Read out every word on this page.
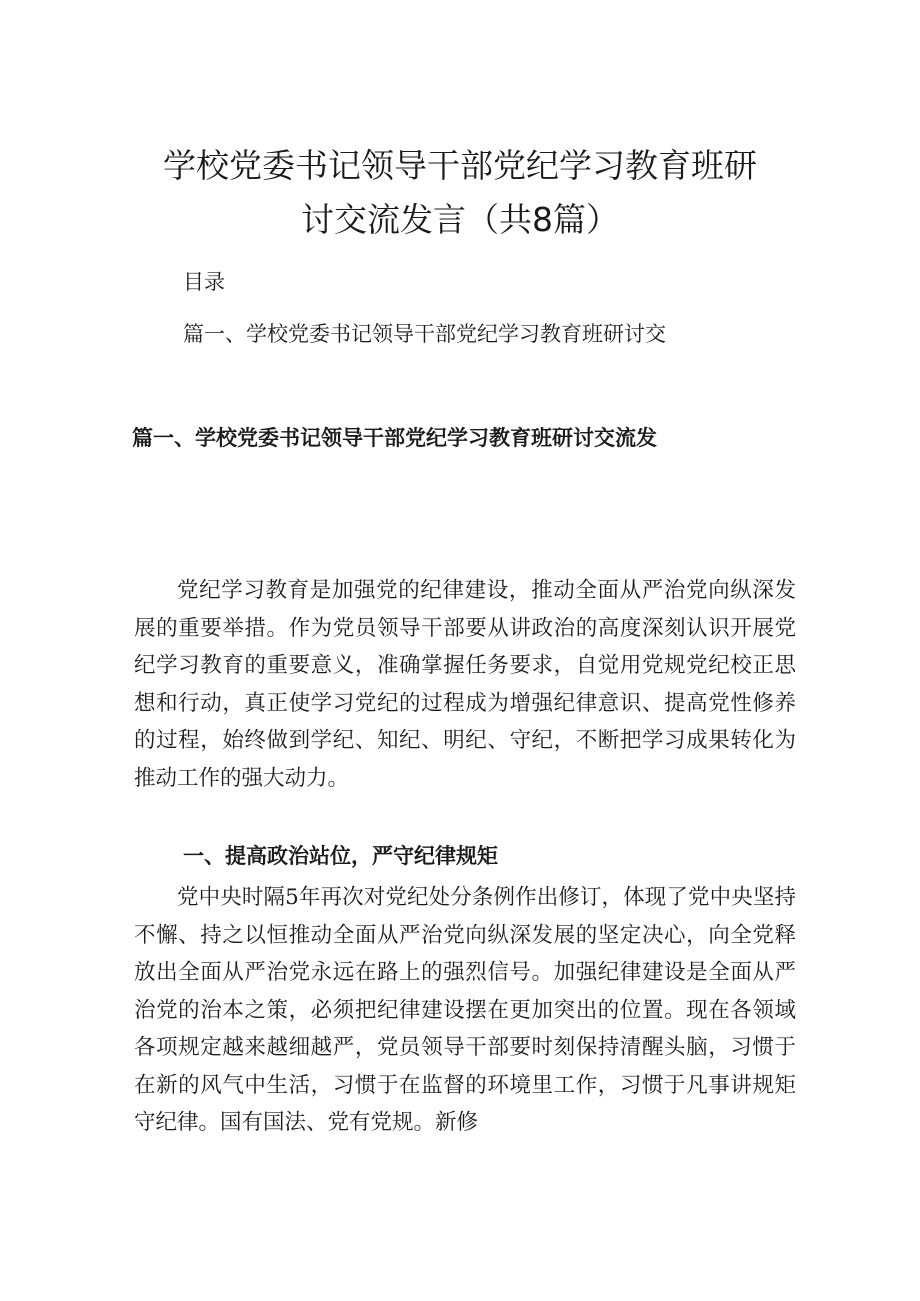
学校党委书记领导干部党纪学习教育班研
讨交流发言（共8篇）
目录
篇一、学校党委书记领导干部党纪学习教育班研讨交
篇一、学校党委书记领导干部党纪学习教育班研讨交流发
党纪学习教育是加强党的纪律建设，推动全面从严治党向纵深发展的重要举措。作为党员领导干部要从讲政治的高度深刻认识开展党纪学习教育的重要意义，准确掌握任务要求，自觉用党规党纪校正思想和行动，真正使学习党纪的过程成为增强纪律意识、提高党性修养的过程，始终做到学纪、知纪、明纪、守纪，不断把学习成果转化为推动工作的强大动力。
一、提高政治站位，严守纪律规矩
党中央时隔5年再次对党纪处分条例作出修订，体现了党中央坚持不懈、持之以恒推动全面从严治党向纵深发展的坚定决心，向全党释放出全面从严治党永远在路上的强烈信号。加强纪律建设是全面从严治党的治本之策，必须把纪律建设摆在更加突出的位置。现在各领域各项规定越来越细越严，党员领导干部要时刻保持清醒头脑，习惯于在新的风气中生活，习惯于在监督的环境里工作，习惯于凡事讲规矩守纪律。国有国法、党有党规。新修
